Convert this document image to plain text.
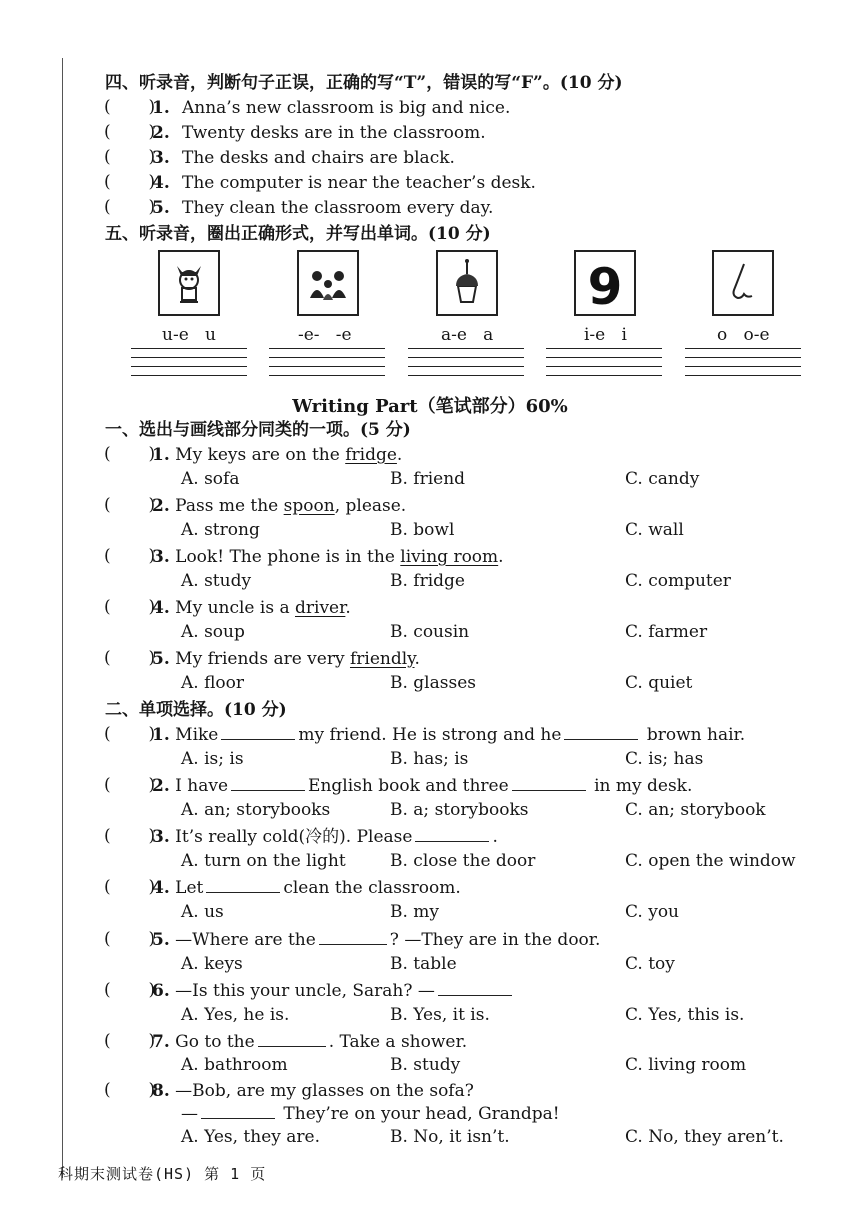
四、听录音，判断句子正误，正确的写“T”，错误的写“F”。(10 分)
(       )
1. Anna’s new classroom is big and nice.
(       )
2. Twenty desks are in the classroom.
(       )
3. The desks and chairs are black.
(       )
4. The computer is near the teacher’s desk.
(       )
5. They clean the classroom every day.
五、听录音，圈出正确形式，并写出单词。(10 分)
9
u-e u	-e- -e	a-e a	i-e i	o o-e
Writing Part（笔试部分）60%
一、选出与画线部分同类的一项。(5 分)
(       )
1. My keys are on the fridge.
A. sofa	B. friend	C. candy
(       )
2. Pass me the spoon, please.
A. strong	B. bowl	C. wall
(       )
3. Look! The phone is in the living room.
A. study	B. fridge	C. computer
(       )
4. My uncle is a driver.
A. soup	B. cousin	C. farmer
(       )
5. My friends are very friendly.
A. floor	B. glasses	C. quiet
二、单项选择。(10 分)
(       )
1. Mike	my friend. He is strong and he	brown hair.
A. is; is	B. has; is	C. is; has
(       )
2. I have	English book and three	in my desk.
A. an; storybooks	B. a; storybooks	C. an; storybook
(       )
3. It’s really cold(冷的). Please	.
A. turn on the light	B. close the door	C. open the window
(       )
4. Let	clean the classroom.
A. us	B. my	C. you
(       )
5. —Where are the	? —They are in the door.
A. keys	B. table	C. toy
(       )
6. —Is this your uncle, Sarah? —
A. Yes, he is.	B. Yes, it is.	C. Yes, this is.
(       )
7. Go to the	. Take a shower.
A. bathroom	B. study	C. living room
(       )
8. —Bob, are my glasses on the sofa?
—	They’re on your head, Grandpa!
A. Yes, they are.	B. No, it isn’t.	C. No, they aren’t.
科期末测试卷(HS) 第 1 页
